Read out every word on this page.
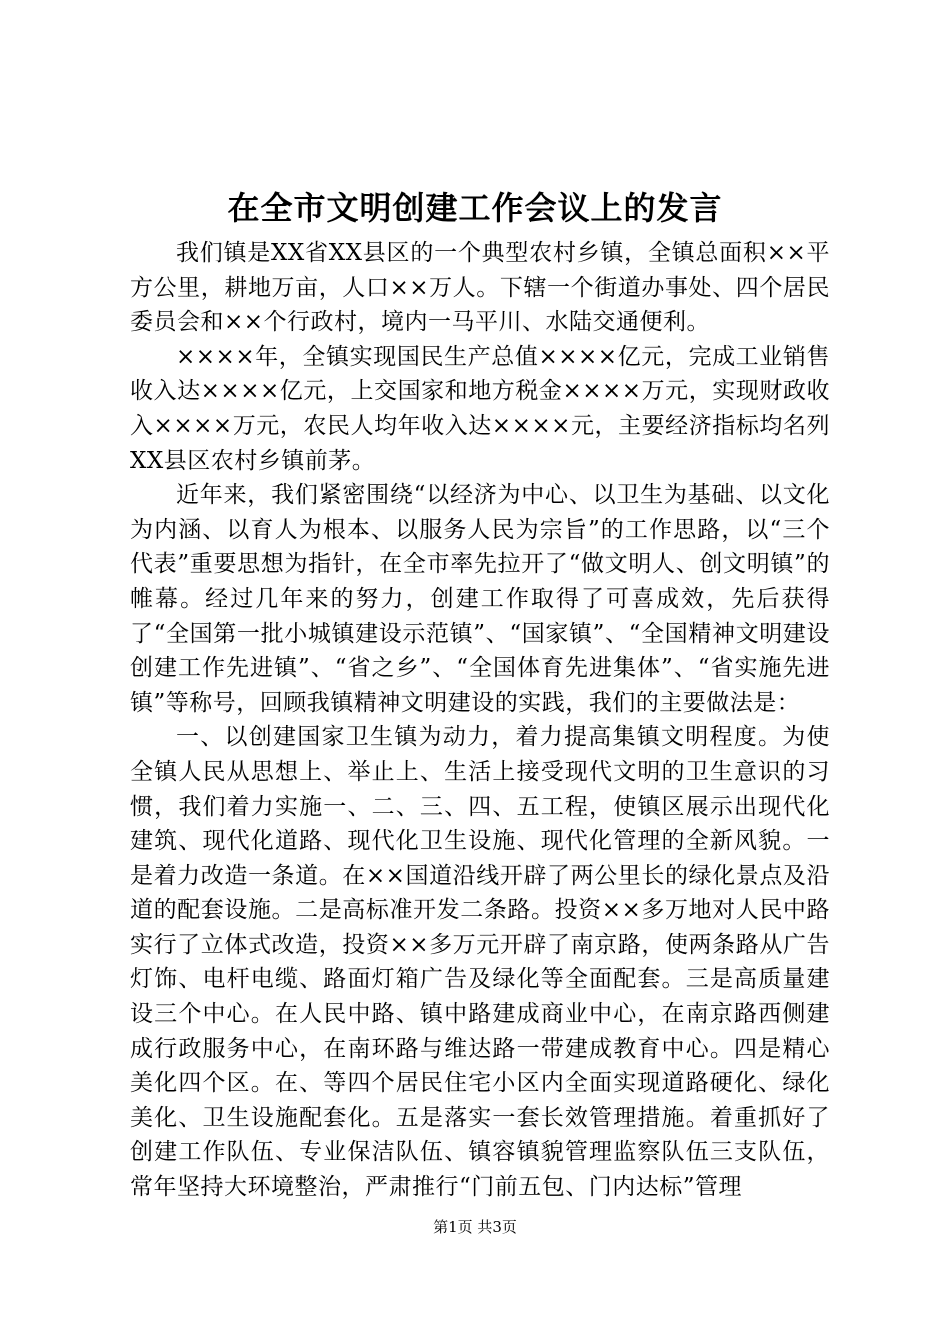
在全市文明创建工作会议上的发言

我们镇是XX省XX县区的一个典型农村乡镇，全镇总面积××平方公里，耕地万亩，人口××万人。下辖一个街道办事处、四个居民委员会和××个行政村，境内一马平川、水陆交通便利。

××××年，全镇实现国民生产总值××××亿元，完成工业销售收入达××××亿元，上交国家和地方税金××××万元，实现财政收入××××万元，农民人均年收入达××××元，主要经济指标均名列XX县区农村乡镇前茅。

近年来，我们紧密围绕“以经济为中心、以卫生为基础、以文化为内涵、以育人为根本、以服务人民为宗旨”的工作思路，以“三个代表”重要思想为指针，在全市率先拉开了“做文明人、创文明镇”的帷幕。经过几年来的努力，创建工作取得了可喜成效，先后获得了“全国第一批小城镇建设示范镇”、“国家镇”、“全国精神文明建设创建工作先进镇”、“省之乡”、“全国体育先进集体”、“省实施先进镇”等称号，回顾我镇精神文明建设的实践，我们的主要做法是：

一、以创建国家卫生镇为动力，着力提高集镇文明程度。为使全镇人民从思想上、举止上、生活上接受现代文明的卫生意识的习惯，我们着力实施一、二、三、四、五工程，使镇区展示出现代化建筑、现代化道路、现代化卫生设施、现代化管理的全新风貌。一是着力改造一条道。在××国道沿线开辟了两公里长的绿化景点及沿道的配套设施。二是高标准开发二条路。投资××多万地对人民中路实行了立体式改造，投资××多万元开辟了南京路，使两条路从广告灯饰、电杆电缆、路面灯箱广告及绿化等全面配套。三是高质量建设三个中心。在人民中路、镇中路建成商业中心，在南京路西侧建成行政服务中心，在南环路与维达路一带建成教育中心。四是精心美化四个区。在、等四个居民住宅小区内全面实现道路硬化、绿化美化、卫生设施配套化。五是落实一套长效管理措施。着重抓好了创建工作队伍、专业保洁队伍、镇容镇貌管理监察队伍三支队伍，常年坚持大环境整治，严肃推行“门前五包、门内达标”管理

第1页 共3页
